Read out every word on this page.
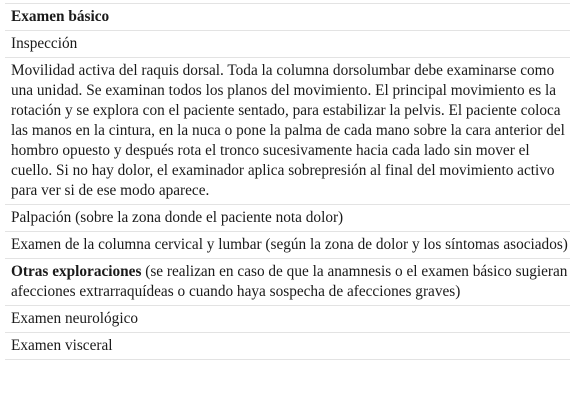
Examen básico
Inspección
Movilidad activa del raquis dorsal. Toda la columna dorsolumbar debe examinarse como una unidad. Se examinan todos los planos del movimiento. El principal movimiento es la rotación y se explora con el paciente sentado, para estabilizar la pelvis. El paciente coloca las manos en la cintura, en la nuca o pone la palma de cada mano sobre la cara anterior del hombro opuesto y después rota el tronco sucesivamente hacia cada lado sin mover el cuello. Si no hay dolor, el examinador aplica sobrepresión al final del movimiento activo para ver si de ese modo aparece.
Palpación (sobre la zona donde el paciente nota dolor)
Examen de la columna cervical y lumbar (según la zona de dolor y los síntomas asociados)
Otras exploraciones (se realizan en caso de que la anamnesis o el examen básico sugieran afecciones extrarraquídeas o cuando haya sospecha de afecciones graves)
Examen neurológico
Examen visceral
